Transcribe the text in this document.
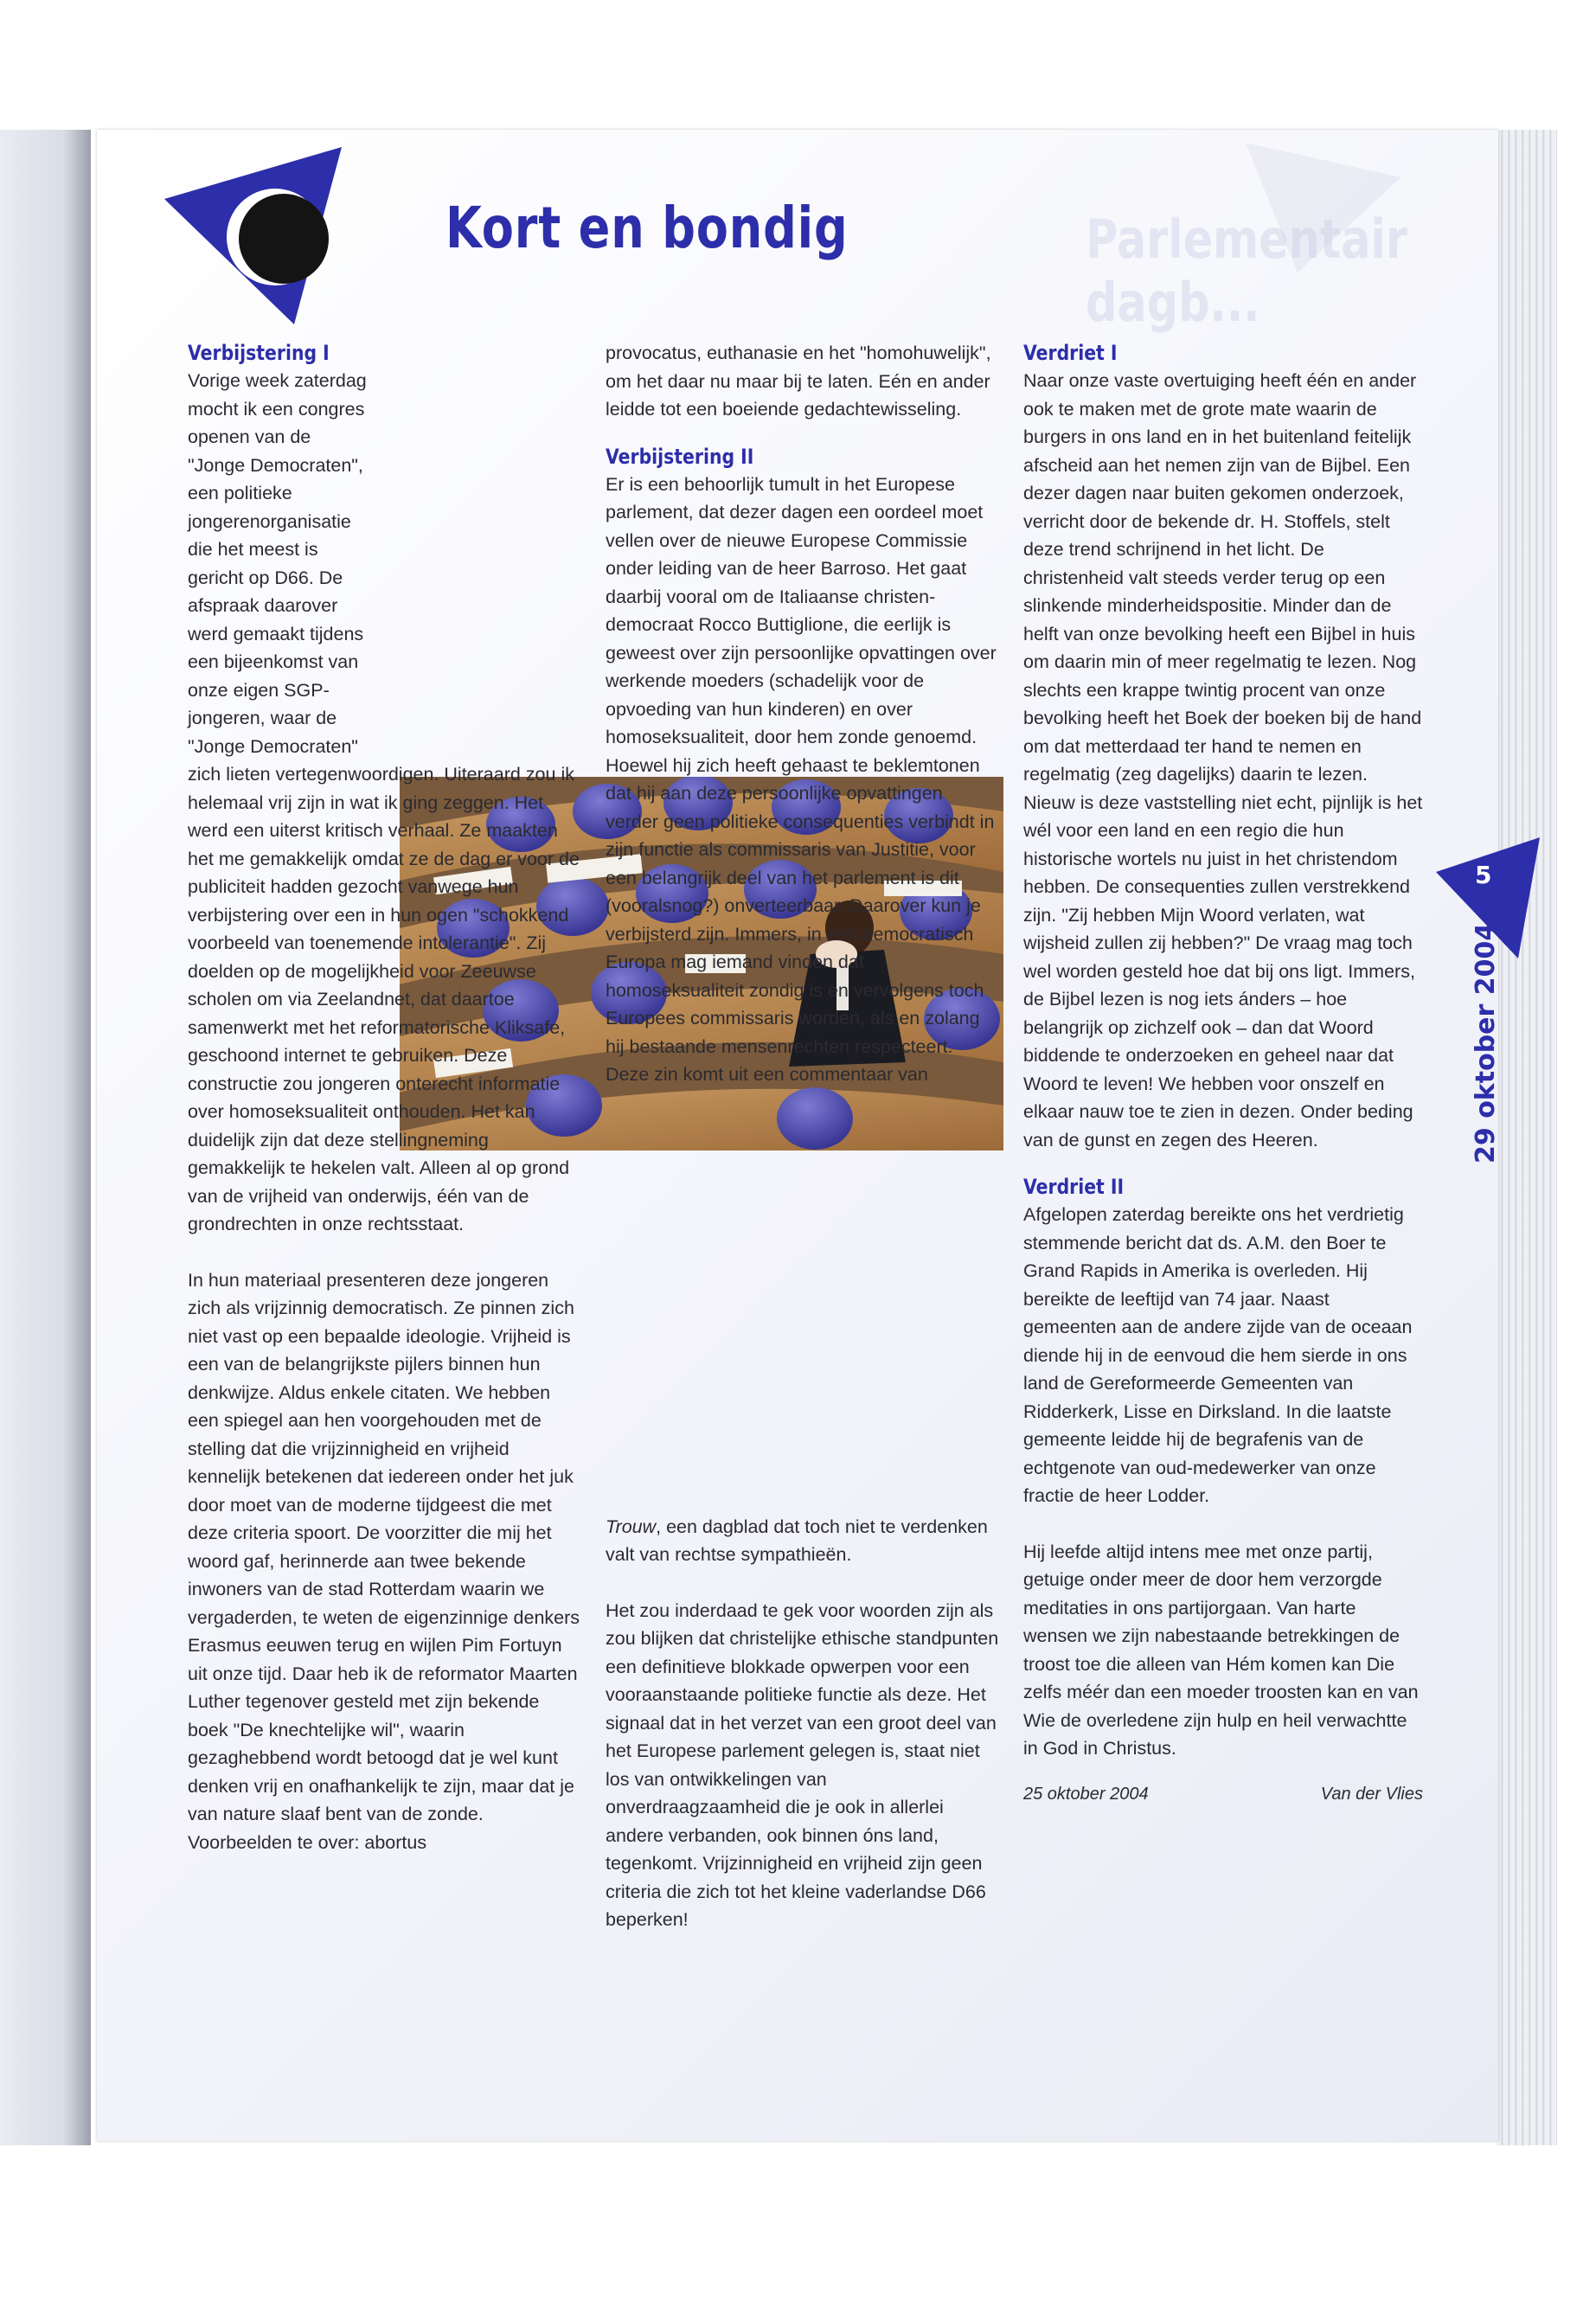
Parlementair dagb...
Kort en bondig
Verbijstering I

Vorige week zaterdag mocht ik een congres openen van de "Jonge Democraten", een politieke jongerenorganisatie die het meest is gericht op D66. De afspraak daarover werd gemaakt tijdens een bijeenkomst van onze eigen SGP-jongeren, waar de "Jonge Democraten" zich lieten vertegenwoordigen. Uiteraard zou ik helemaal vrij zijn in wat ik ging zeggen. Het werd een uiterst kritisch verhaal. Ze maakten het me gemakkelijk omdat ze de dag er voor de publiciteit hadden gezocht vanwege hun verbijstering over een in hun ogen "schokkend voorbeeld van toenemende intolerantie". Zij doelden op de mogelijkheid voor Zeeuwse scholen om via Zeelandnet, dat daartoe samenwerkt met het reformatorische Kliksafe, geschoond internet te gebruiken. Deze constructie zou jongeren onterecht informatie over homoseksualiteit onthouden. Het kan duidelijk zijn dat deze stellingneming gemakkelijk te hekelen valt. Alleen al op grond van de vrijheid van onderwijs, één van de grondrechten in onze rechtsstaat.

In hun materiaal presenteren deze jongeren zich als vrijzinnig democratisch. Ze pinnen zich niet vast op een bepaalde ideologie. Vrijheid is een van de belangrijkste pijlers binnen hun denkwijze. Aldus enkele citaten. We hebben een spiegel aan hen voorgehouden met de stelling dat die vrijzinnigheid en vrijheid kennelijk betekenen dat iedereen onder het juk door moet van de moderne tijdgeest die met deze criteria spoort. De voorzitter die mij het woord gaf, herinnerde aan twee bekende inwoners van de stad Rotterdam waarin we vergaderden, te weten de eigenzinnige denkers Erasmus eeuwen terug en wijlen Pim Fortuyn uit onze tijd. Daar heb ik de reformator Maarten Luther tegenover gesteld met zijn bekende boek "De knechtelijke wil", waarin gezaghebbend wordt betoogd dat je wel kunt denken vrij en onafhankelijk te zijn, maar dat je van nature slaaf bent van de zonde. Voorbeelden te over: abortus

provocatus, euthanasie en het "homohuwelijk", om het daar nu maar bij te laten. Eén en ander leidde tot een boeiende gedachtewisseling.

Verbijstering II

Er is een behoorlijk tumult in het Europese parlement, dat dezer dagen een oordeel moet vellen over de nieuwe Europese Commissie onder leiding van de heer Barroso. Het gaat daarbij vooral om de Italiaanse christen-democraat Rocco Buttiglione, die eerlijk is geweest over zijn persoonlijke opvattingen over werkende moeders (schadelijk voor de opvoeding van hun kinderen) en over homoseksualiteit, door hem zonde genoemd. Hoewel hij zich heeft gehaast te beklemtonen dat hij aan deze persoonlijke opvattingen verder geen politieke consequenties verbindt in zijn functie als commissaris van Justitie, voor een belangrijk deel van het parlement is dit (vooralsnog?) onverteerbaar. Daarover kun je verbijsterd zijn. Immers, in een democratisch Europa mag iemand vinden dat homoseksualiteit zondig is en vervolgens toch Europees commissaris worden, als en zolang hij bestaande mensenrechten respecteert. Deze zin komt uit een commentaar van

Trouw, een dagblad dat toch niet te verdenken valt van rechtse sympathieën.

Het zou inderdaad te gek voor woorden zijn als zou blijken dat christelijke ethische standpunten een definitieve blokkade opwerpen voor een vooraanstaande politieke functie als deze. Het signaal dat in het verzet van een groot deel van het Europese parlement gelegen is, staat niet los van ontwikkelingen van onverdraagzaamheid die je ook in allerlei andere verbanden, ook binnen óns land, tegenkomt. Vrijzinnigheid en vrijheid zijn geen criteria die zich tot het kleine vaderlandse D66 beperken!

Verdriet I

Naar onze vaste overtuiging heeft één en ander ook te maken met de grote mate waarin de burgers in ons land en in het buitenland feitelijk afscheid aan het nemen zijn van de Bijbel. Een dezer dagen naar buiten gekomen onderzoek, verricht door de bekende dr. H. Stoffels, stelt deze trend schrijnend in het licht. De christenheid valt steeds verder terug op een slinkende minderheidspositie. Minder dan de helft van onze bevolking heeft een Bijbel in huis om daarin min of meer regelmatig te lezen. Nog slechts een krappe twintig procent van onze bevolking heeft het Boek der boeken bij de hand om dat metterdaad ter hand te nemen en regelmatig (zeg dagelijks) daarin te lezen. Nieuw is deze vaststelling niet echt, pijnlijk is het wél voor een land en een regio die hun historische wortels nu juist in het christendom hebben. De consequenties zullen verstrekkend zijn. "Zij hebben Mijn Woord verlaten, wat wijsheid zullen zij hebben?" De vraag mag toch wel worden gesteld hoe dat bij ons ligt. Immers, de Bijbel lezen is nog iets ánders – hoe belangrijk op zichzelf ook – dan dat Woord biddende te onderzoeken en geheel naar dat Woord te leven! We hebben voor onszelf en elkaar nauw toe te zien in dezen. Onder beding van de gunst en zegen des Heeren.

Verdriet II

Afgelopen zaterdag bereikte ons het verdrietig stemmende bericht dat ds. A.M. den Boer te Grand Rapids in Amerika is overleden. Hij bereikte de leeftijd van 74 jaar. Naast gemeenten aan de andere zijde van de oceaan diende hij in de eenvoud die hem sierde in ons land de Gereformeerde Gemeenten van Ridderkerk, Lisse en Dirksland. In die laatste gemeente leidde hij de begrafenis van de echtgenote van oud-medewerker van onze fractie de heer Lodder.

Hij leefde altijd intens mee met onze partij, getuige onder meer de door hem verzorgde meditaties in ons partijorgaan. Van harte wensen we zijn nabestaande betrekkingen de troost toe die alleen van Hém komen kan Die zelfs méér dan een moeder troosten kan en van Wie de overledene zijn hulp en heil verwachtte in God in Christus.

25 oktober 2004	Van der Vlies
5
29 oktober 2004
